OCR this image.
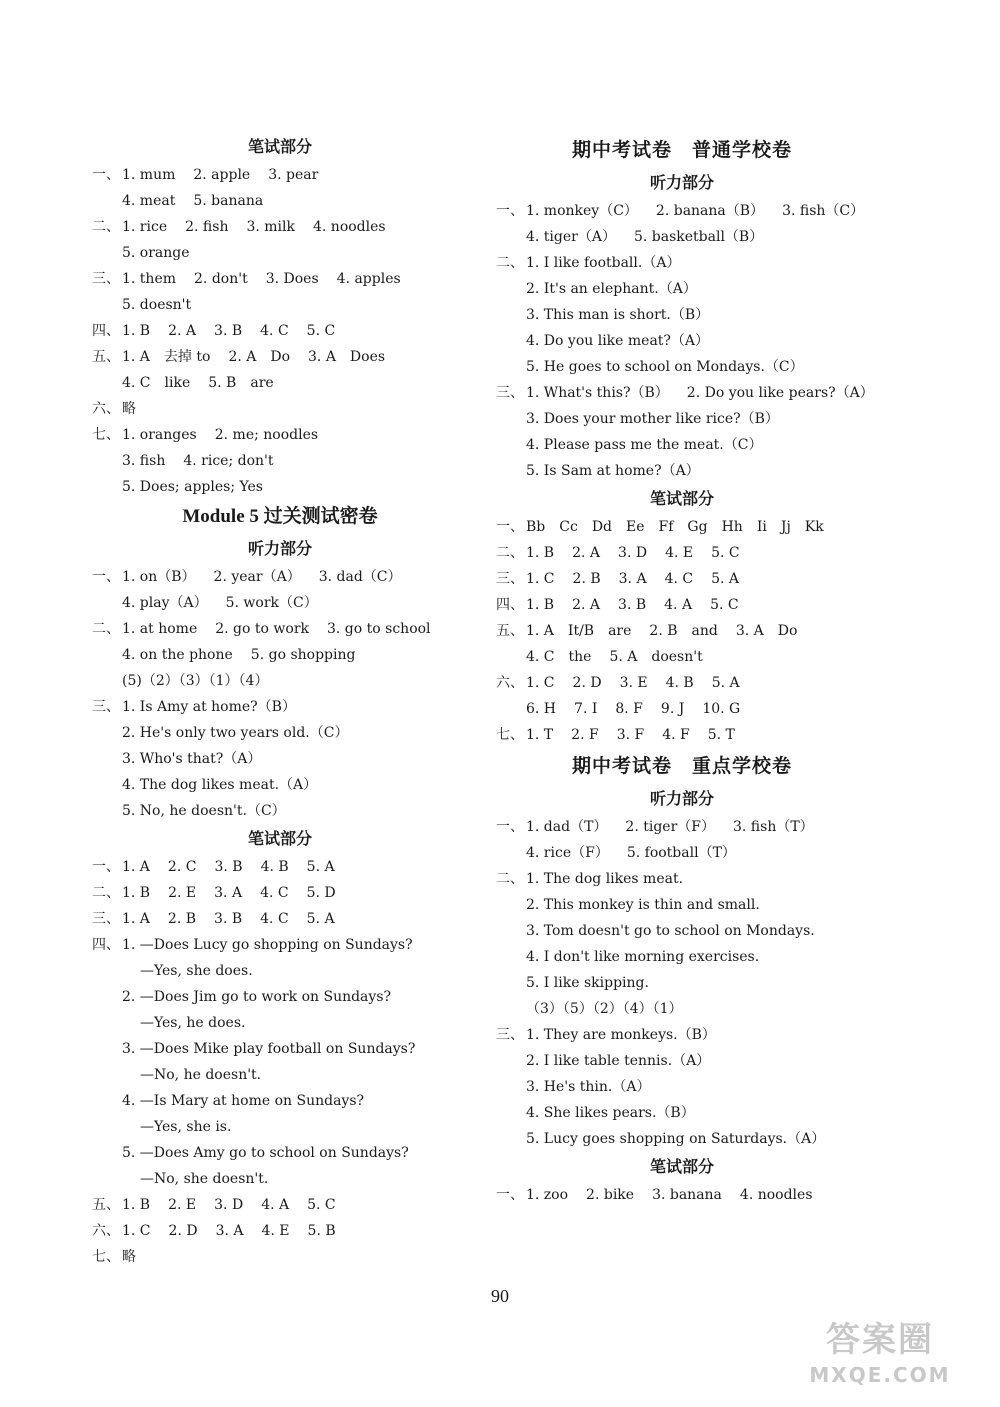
笔试部分
一、 1. mum 2. apple 3. pear
4. meat 5. banana
二、 1. rice 2. fish 3. milk 4. noodles
5. orange
三、 1. them 2. don't 3. Does 4. apples
5. doesn't
四、 1. B 2. A 3. B 4. C 5. C
五、 1. A　去掉 to 2. A　Do 3. A　Does
4. C　like 5. B　are
六、 略
七、 1. oranges 2. me; noodles
3. fish 4. rice; don't
5. Does; apples; Yes
Module 5 过关测试密卷
听力部分
一、 1. on（B） 2. year（A） 3. dad（C）
4. play（A） 5. work（C）
二、 1. at home 2. go to work 3. go to school
4. on the phone 5. go shopping
(5)（2）（3）（1）（4）
三、 1. Is Amy at home?（B）
2. He's only two years old.（C）
3. Who's that?（A）
4. The dog likes meat.（A）
5. No, he doesn't.（C）
笔试部分
一、 1. A 2. C 3. B 4. B 5. A
二、 1. B 2. E 3. A 4. C 5. D
三、 1. A 2. B 3. B 4. C 5. A
四、 1. —Does Lucy go shopping on Sundays?
—Yes, she does.
2. —Does Jim go to work on Sundays?
—Yes, he does.
3. —Does Mike play football on Sundays?
—No, he doesn't.
4. —Is Mary at home on Sundays?
—Yes, she is.
5. —Does Amy go to school on Sundays?
—No, she doesn't.
五、 1. B 2. E 3. D 4. A 5. C
六、 1. C 2. D 3. A 4. E 5. B
七、 略
期中考试卷　普通学校卷
听力部分
一、 1. monkey（C） 2. banana（B） 3. fish（C）
4. tiger（A） 5. basketball（B）
二、 1. I like football.（A）
2. It's an elephant.（A）
3. This man is short.（B）
4. Do you like meat?（A）
5. He goes to school on Mondays.（C）
三、 1. What's this?（B） 2. Do you like pears?（A）
3. Does your mother like rice?（B）
4. Please pass me the meat.（C）
5. Is Sam at home?（A）
笔试部分
一、 Bb Cc Dd Ee Ff Gg Hh Ii Jj Kk
二、 1. B 2. A 3. D 4. E 5. C
三、 1. C 2. B 3. A 4. C 5. A
四、 1. B 2. A 3. B 4. A 5. C
五、 1. A　It/B　are 2. B　and 3. A　Do
4. C　the 5. A　doesn't
六、 1. C 2. D 3. E 4. B 5. A
6. H 7. I 8. F 9. J 10. G
七、 1. T 2. F 3. F 4. F 5. T
期中考试卷　重点学校卷
听力部分
一、 1. dad（T） 2. tiger（F） 3. fish（T）
4. rice（F） 5. football（T）
二、 1. The dog likes meat.
2. This monkey is thin and small.
3. Tom doesn't go to school on Mondays.
4. I don't like morning exercises.
5. I like skipping.
（3）（5）（2）（4）（1）
三、 1. They are monkeys.（B）
2. I like table tennis.（A）
3. He's thin.（A）
4. She likes pears.（B）
5. Lucy goes shopping on Saturdays.（A）
笔试部分
一、 1. zoo 2. bike 3. banana 4. noodles
90
答案圈
MXQE.COM
